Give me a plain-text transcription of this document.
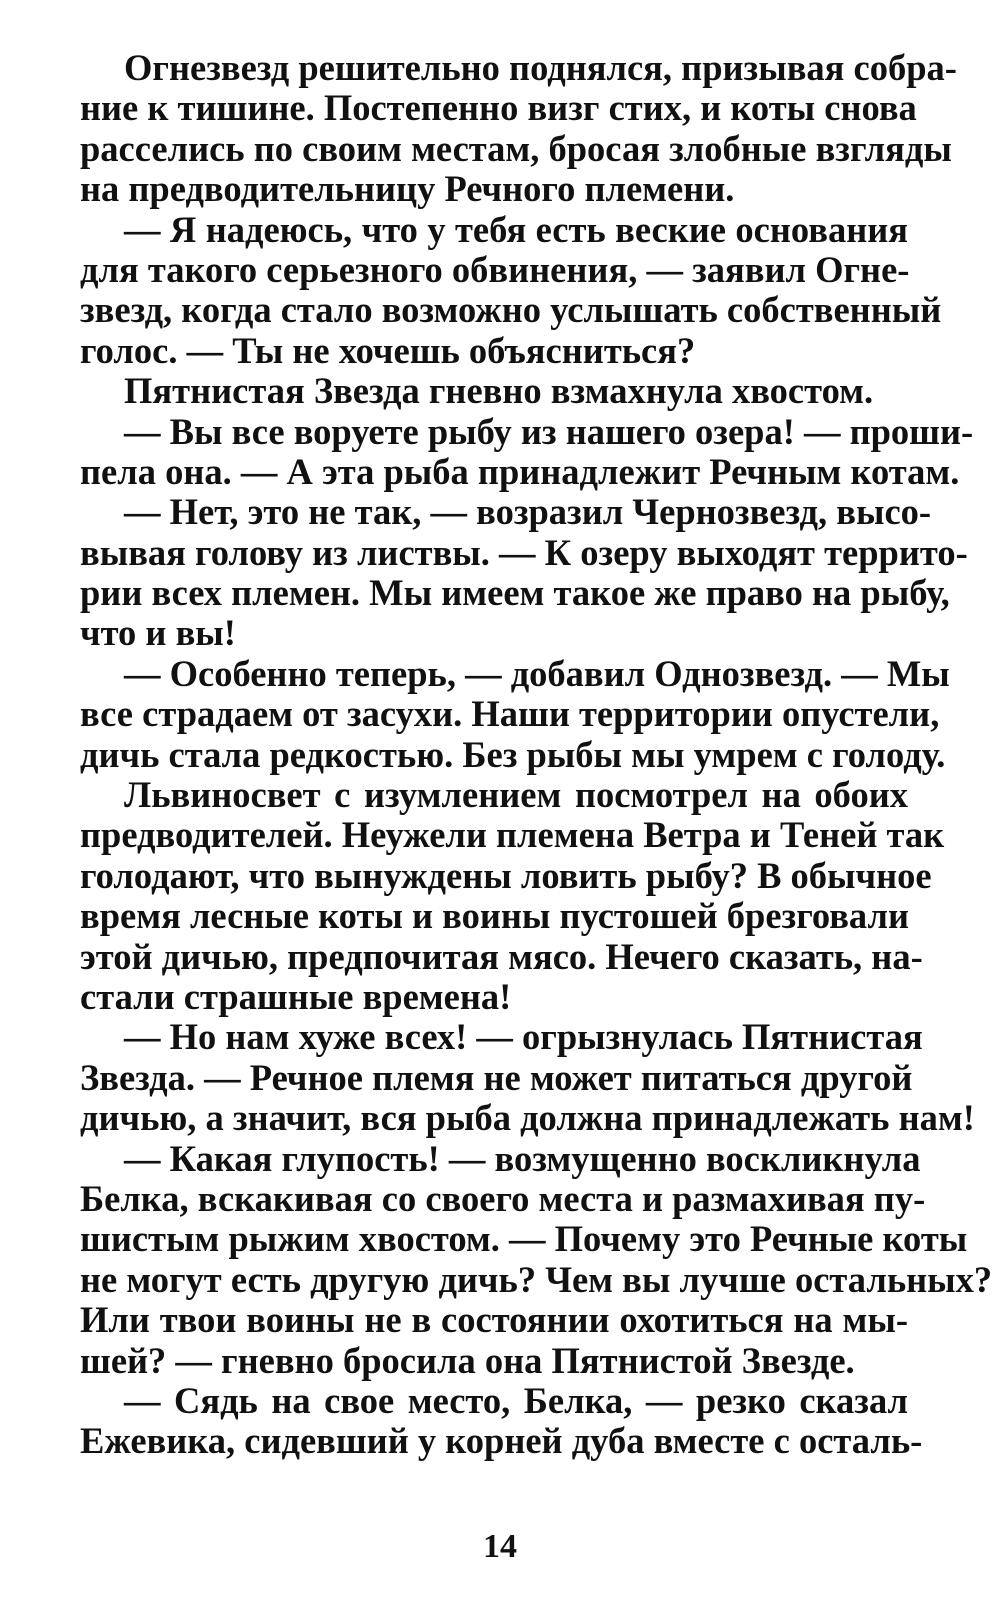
Огнезвезд решительно поднялся, призывая собра-
ние к тишине. Постепенно визг стих, и коты снова
расселись по своим местам, бросая злобные взгляды
на предводительницу Речного племени.
— Я надеюсь, что у тебя есть веские основания
для такого серьезного обвинения, — заявил Огне-
звезд, когда стало возможно услышать собственный
голос. — Ты не хочешь объясниться?
Пятнистая Звезда гневно взмахнула хвостом.
— Вы все воруете рыбу из нашего озера! — проши-
пела она. — А эта рыба принадлежит Речным котам.
— Нет, это не так, — возразил Чернозвезд, высо-
вывая голову из листвы. — К озеру выходят террито-
рии всех племен. Мы имеем такое же право на рыбу,
что и вы!
— Особенно теперь, — добавил Однозвезд. — Мы
все страдаем от засухи. Наши территории опустели,
дичь стала редкостью. Без рыбы мы умрем с голоду.
Львиносвет с изумлением посмотрел на обоих
предводителей. Неужели племена Ветра и Теней так
голодают, что вынуждены ловить рыбу? В обычное
время лесные коты и воины пустошей брезговали
этой дичью, предпочитая мясо. Нечего сказать, на-
стали страшные времена!
— Но нам хуже всех! — огрызнулась Пятнистая
Звезда. — Речное племя не может питаться другой
дичью, а значит, вся рыба должна принадлежать нам!
— Какая глупость! — возмущенно воскликнула
Белка, вскакивая со своего места и размахивая пу-
шистым рыжим хвостом. — Почему это Речные коты
не могут есть другую дичь? Чем вы лучше остальных?
Или твои воины не в состоянии охотиться на мы-
шей? — гневно бросила она Пятнистой Звезде.
— Сядь на свое место, Белка, — резко сказал
Ежевика, сидевший у корней дуба вместе с осталь-
14
